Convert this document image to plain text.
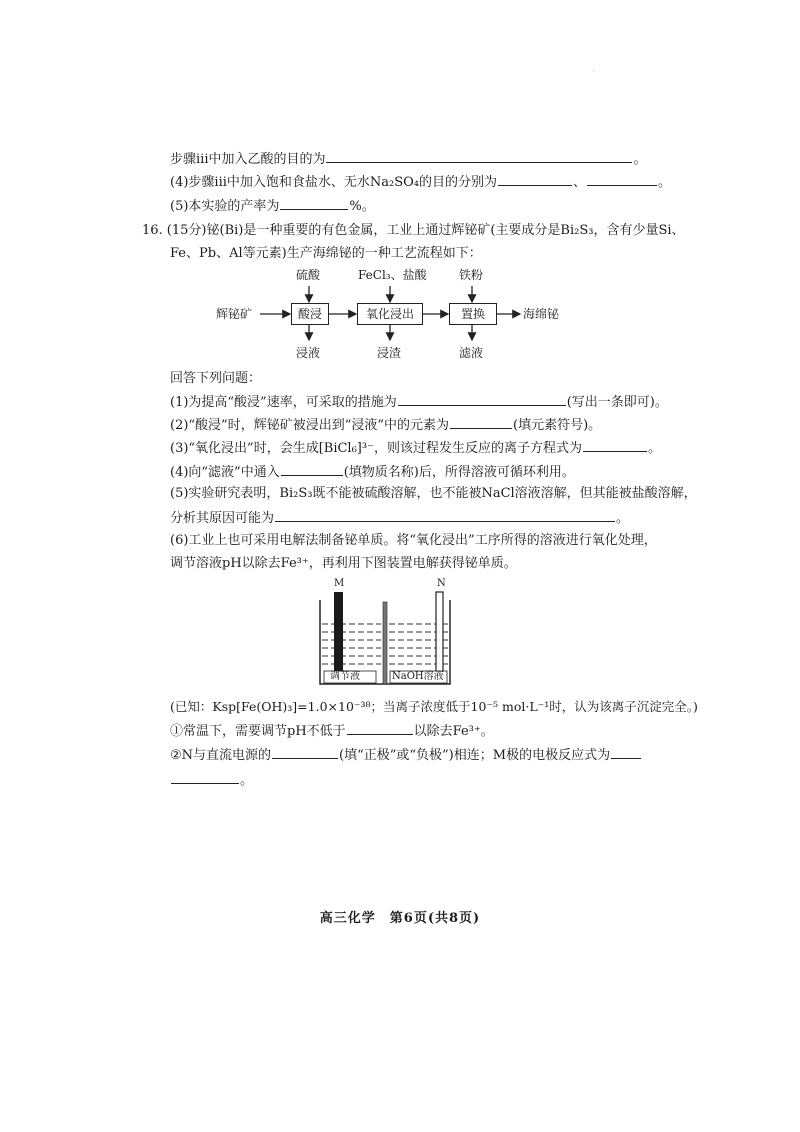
步骤iii中加入乙酸的目的为	。
(4)步骤iii中加入饱和食盐水、无水Na₂SO₄的目的分别为	、	。
(5)本实验的产率为	%。
16. (15分)铋(Bi)是一种重要的有色金属，工业上通过辉铋矿(主要成分是Bi₂S₃，含有少量Si、
Fe、Pb、Al等元素)生产海绵铋的一种工艺流程如下：
硫酸	FeCl₃、盐酸	铁粉
辉铋矿	酸浸	氧化浸出	置换	海绵铋
浸液	浸渣	滤液
回答下列问题：
(1)为提高“酸浸”速率，可采取的措施为	(写出一条即可)。
(2)“酸浸”时，辉铋矿被浸出到“浸液”中的元素为	(填元素符号)。
(3)“氧化浸出”时，会生成[BiCl₆]³⁻，则该过程发生反应的离子方程式为	。
(4)向“滤液”中通入	(填物质名称)后，所得溶液可循环利用。
(5)实验研究表明，Bi₂S₃既不能被硫酸溶解，也不能被NaCl溶液溶解，但其能被盐酸溶解，
分析其原因可能为	。
(6)工业上也可采用电解法制备铋单质。将“氧化浸出”工序所得的溶液进行氧化处理，
调节溶液pH以除去Fe³⁺，再利用下图装置电解获得铋单质。
M	N
调节液	NaOH溶液
(已知：Ksp[Fe(OH)₃]=1.0×10⁻³⁸；当离子浓度低于10⁻⁵ mol·L⁻¹时，认为该离子沉淀完全。)
①常温下，需要调节pH不低于	以除去Fe³⁺。
②N与直流电源的	(填“正极”或“负极”)相连；M极的电极反应式为
。
高三化学　第6页(共8页)
·
